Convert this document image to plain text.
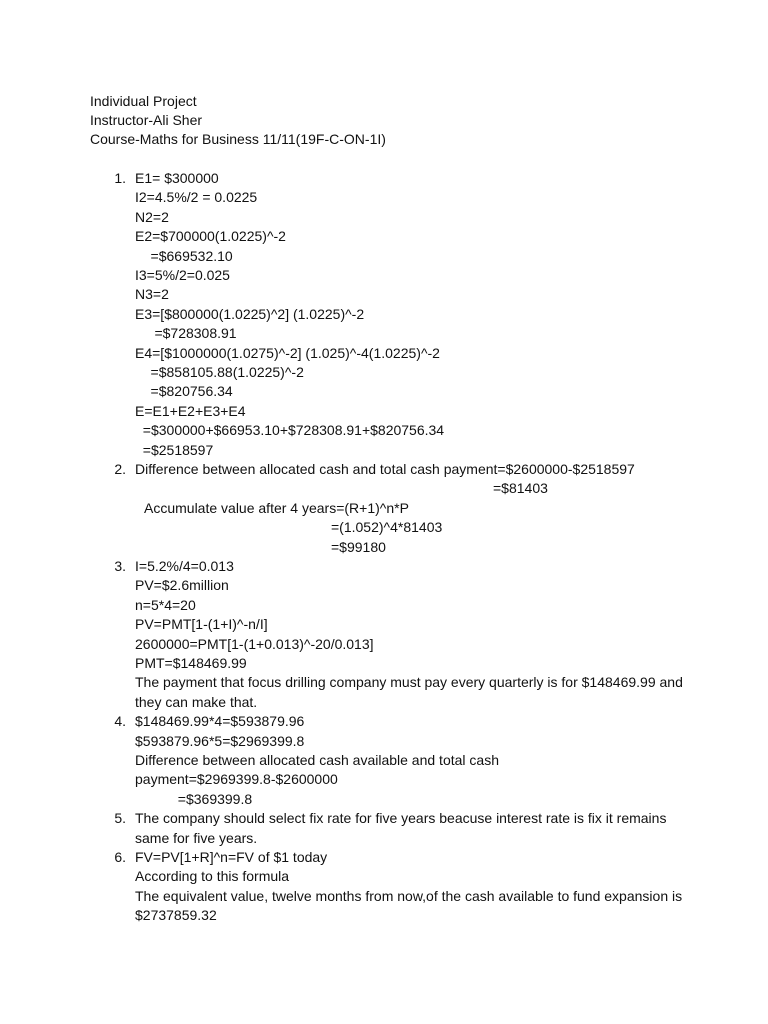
Individual Project
Instructor-Ali Sher
Course-Maths for Business 11/11(19F-C-ON-1I)
1. E1= $300000
I2=4.5%/2 = 0.0225
N2=2
E2=$700000(1.0225)^-2
=$669532.10
I3=5%/2=0.025
N3=2
E3=[$800000(1.0225)^2] (1.0225)^-2
=$728308.91
E4=[$1000000(1.0275)^-2] (1.025)^-4(1.0225)^-2
=$858105.88(1.0225)^-2
=$820756.34
E=E1+E2+E3+E4
=$300000+$66953.10+$728308.91+$820756.34
=$2518597
2. Difference between allocated cash and total cash payment=$2600000-$2518597
=$81403
Accumulate value after 4 years=(R+1)^n*P
=(1.052)^4*81403
=$99180
3. I=5.2%/4=0.013
PV=$2.6million
n=5*4=20
PV=PMT[1-(1+I)^-n/I]
2600000=PMT[1-(1+0.013)^-20/0.013]
PMT=$148469.99
The payment that focus drilling company must pay every quarterly is for $148469.99 and
they can make that.
4. $148469.99*4=$593879.96
$593879.96*5=$2969399.8
Difference between allocated cash available and total cash
payment=$2969399.8-$2600000
=$369399.8
5. The company should select fix rate for five years beacuse interest rate is fix it remains
same for five years.
6. FV=PV[1+R]^n=FV of $1 today
According to this formula
The equivalent value, twelve months from now,of the cash available to fund expansion is
$2737859.32
